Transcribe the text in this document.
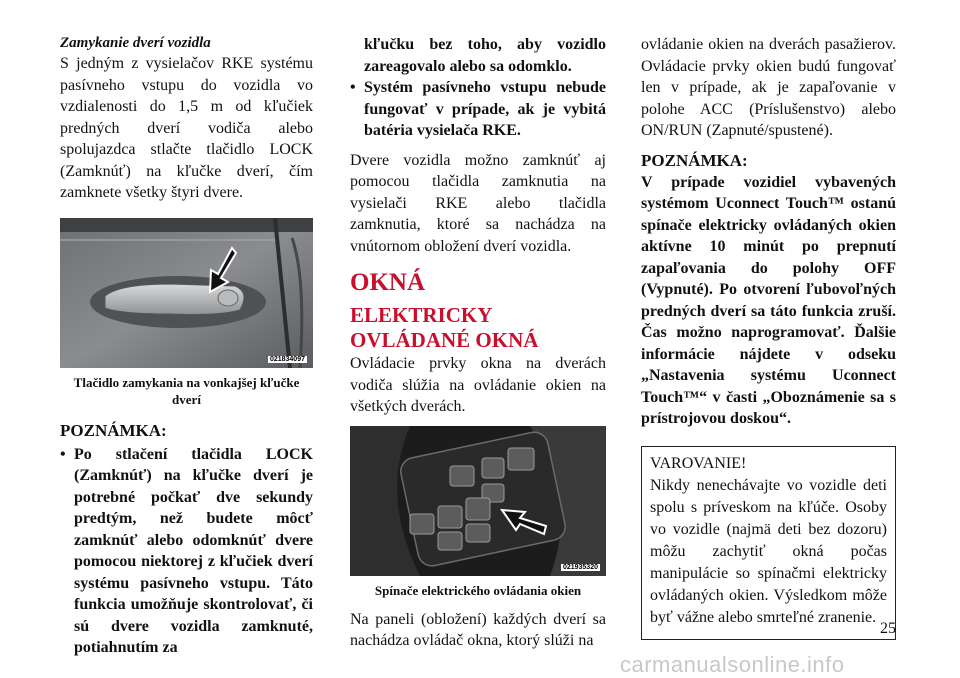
Zamykanie dverí vozidla

S jedným z vysielačov RKE systému pasívneho vstupu do vozidla vo vzdialenosti do 1,5 m od kľučiek predných dverí vodiča alebo spolujazdca stlačte tlačidlo LOCK (Zamknúť) na kľučke dverí, čím zamknete všetky štyri dvere.

021834097

Tlačidlo zamykania na vonkajšej kľučke dverí

POZNÁMKA:

• Po stlačení tlačidla LOCK (Zamknúť) na kľučke dverí je potrebné počkať dve sekundy predtým, než budete môcť zamknúť alebo odomknúť dvere pomocou niektorej z kľučiek dverí systému pasívneho vstupu. Táto funkcia umožňuje skontrolovať, či sú dvere vozidla zamknuté, potiahnutím za
kľučku bez toho, aby vozidlo zareagovalo alebo sa odomklo.
• Systém pasívneho vstupu nebude fungovať v prípade, ak je vybitá batéria vysielača RKE.

Dvere vozidla možno zamknúť aj pomocou tlačidla zamknutia na vysielači RKE alebo tlačidla zamknutia, ktoré sa nachádza na vnútornom obložení dverí vozidla.

OKNÁ
ELEKTRICKY OVLÁDANÉ OKNÁ

Ovládacie prvky okna na dverách vodiča slúžia na ovládanie okien na všetkých dverách.

021935320

Spínače elektrického ovládania okien

Na paneli (obložení) každých dverí sa nachádza ovládač okna, ktorý slúži na

ovládanie okien na dverách pasažierov. Ovládacie prvky okien budú fungovať len v prípade, ak je zapaľovanie v polohe ACC (Príslušenstvo) alebo ON/RUN (Zapnuté/spustené).

POZNÁMKA:

V prípade vozidiel vybavených systémom Uconnect Touch™ ostanú spínače elektricky ovládaných okien aktívne 10 minút po prepnutí zapaľovania do polohy OFF (Vypnuté). Po otvorení ľubovoľných predných dverí sa táto funkcia zruší. Čas možno naprogramovať. Ďalšie informácie nájdete v odseku „Nastavenia systému Uconnect Touch™“ v časti „Oboznámenie sa s prístrojovou doskou“.

VAROVANIE!

Nikdy nenechávajte vo vozidle deti spolu s príveskom na kľúče. Osoby vo vozidle (najmä deti bez dozoru) môžu zachytiť okná počas manipulácie so spínačmi elektricky ovládaných okien. Výsledkom môže byť vážne alebo smrteľné zranenie.

25
carmanualsonline.info
